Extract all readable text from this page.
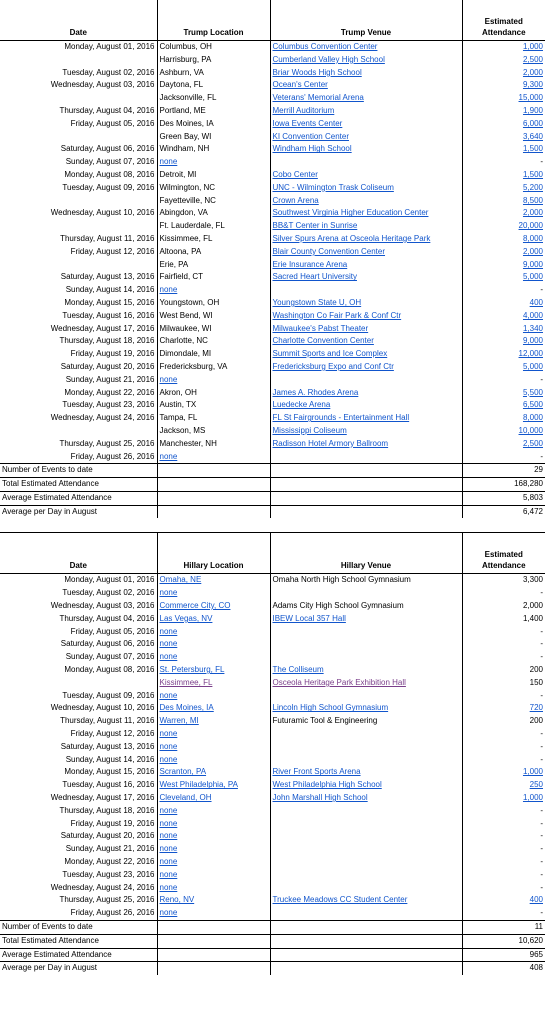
Date	Trump Location	Trump Venue	Estimated
Attendance
Monday, August 01, 2016	Columbus, OH	Columbus Convention Center	1,000
	Harrisburg, PA	Cumberland Valley High School	2,500
Tuesday, August 02, 2016	Ashburn, VA	Briar Woods High School	2,000
Wednesday, August 03, 2016	Daytona, FL	Ocean's Center	9,300
	Jacksonville, FL	Veterans' Memorial Arena	15,000
Thursday, August 04, 2016	Portland, ME	Merrill Auditorium	1,900
Friday, August 05, 2016	Des Moines, IA	Iowa Events Center	6,000
	Green Bay, WI	KI Convention Center	3,640
Saturday, August 06, 2016	Windham, NH	Windham High School	1,500
Sunday, August 07, 2016	none		-
Monday, August 08, 2016	Detroit, MI	Cobo Center	1,500
Tuesday, August 09, 2016	Wilmington, NC	UNC - Wilmington Trask Coliseum	5,200
	Fayetteville, NC	Crown Arena	8,500
Wednesday, August 10, 2016	Abingdon, VA	Southwest Virginia Higher Education Center	2,000
	Ft. Lauderdale, FL	BB&T Center in Sunrise	20,000
Thursday, August 11, 2016	Kissimmee, FL	Silver Spurs Arena at Osceola Heritage Park	8,000
Friday, August 12, 2016	Altoona, PA	Blair County Convention Center	2,000
	Erie, PA	Erie Insurance Arena	9,000
Saturday, August 13, 2016	Fairfield, CT	Sacred Heart University	5,000
Sunday, August 14, 2016	none		-
Monday, August 15, 2016	Youngstown, OH	Youngstown State U, OH	400
Tuesday, August 16, 2016	West Bend, WI	Washington Co Fair Park & Conf Ctr	4,000
Wednesday, August 17, 2016	Milwaukee, WI	Milwaukee's Pabst Theater	1,340
Thursday, August 18, 2016	Charlotte, NC	Charlotte Convention Center	9,000
Friday, August 19, 2016	Dimondale, MI	Summit Sports and Ice Complex	12,000
Saturday, August 20, 2016	Fredericksburg, VA	Fredericksburg Expo and Conf Ctr	5,000
Sunday, August 21, 2016	none		-
Monday, August 22, 2016	Akron, OH	James A. Rhodes Arena	5,500
Tuesday, August 23, 2016	Austin, TX	Luedecke Arena	6,500
Wednesday, August 24, 2016	Tampa, FL	FL St Fairgrounds - Entertainment Hall	8,000
	Jackson, MS	Mississippi Coliseum	10,000
Thursday, August 25, 2016	Manchester, NH	Radisson Hotel Armory Ballroom	2,500
Friday, August 26, 2016	none		-
Number of Events to date			29
Total Estimated Attendance			168,280
Average Estimated Attendance			5,803
Average per Day in August			6,472
Date	Hillary Location	Hillary Venue	Estimated
Attendance
Monday, August 01, 2016	Omaha, NE	Omaha North High School Gymnasium	3,300
Tuesday, August 02, 2016	none		-
Wednesday, August 03, 2016	Commerce City, CO	Adams City High School Gymnasium	2,000
Thursday, August 04, 2016	Las Vegas, NV	IBEW Local 357 Hall	1,400
Friday, August 05, 2016	none		-
Saturday, August 06, 2016	none		-
Sunday, August 07, 2016	none		-
Monday, August 08, 2016	St. Petersburg, FL	The Colliseum	200
	Kissimmee, FL	Osceola Heritage Park Exhibition Hall	150
Tuesday, August 09, 2016	none		-
Wednesday, August 10, 2016	Des Moines, IA	Lincoln High School Gymnasium	720
Thursday, August 11, 2016	Warren, MI	Futuramic Tool & Engineering	200
Friday, August 12, 2016	none		-
Saturday, August 13, 2016	none		-
Sunday, August 14, 2016	none		-
Monday, August 15, 2016	Scranton, PA	River Front Sports Arena	1,000
Tuesday, August 16, 2016	West Philadelphia, PA	West Philadelphia High School	250
Wednesday, August 17, 2016	Cleveland, OH	John Marshall High School	1,000
Thursday, August 18, 2016	none		-
Friday, August 19, 2016	none		-
Saturday, August 20, 2016	none		-
Sunday, August 21, 2016	none		-
Monday, August 22, 2016	none		-
Tuesday, August 23, 2016	none		-
Wednesday, August 24, 2016	none		-
Thursday, August 25, 2016	Reno, NV	Truckee Meadows CC Student Center	400
Friday, August 26, 2016	none		-
Number of Events to date			11
Total Estimated Attendance			10,620
Average Estimated Attendance			965
Average per Day in August			408
